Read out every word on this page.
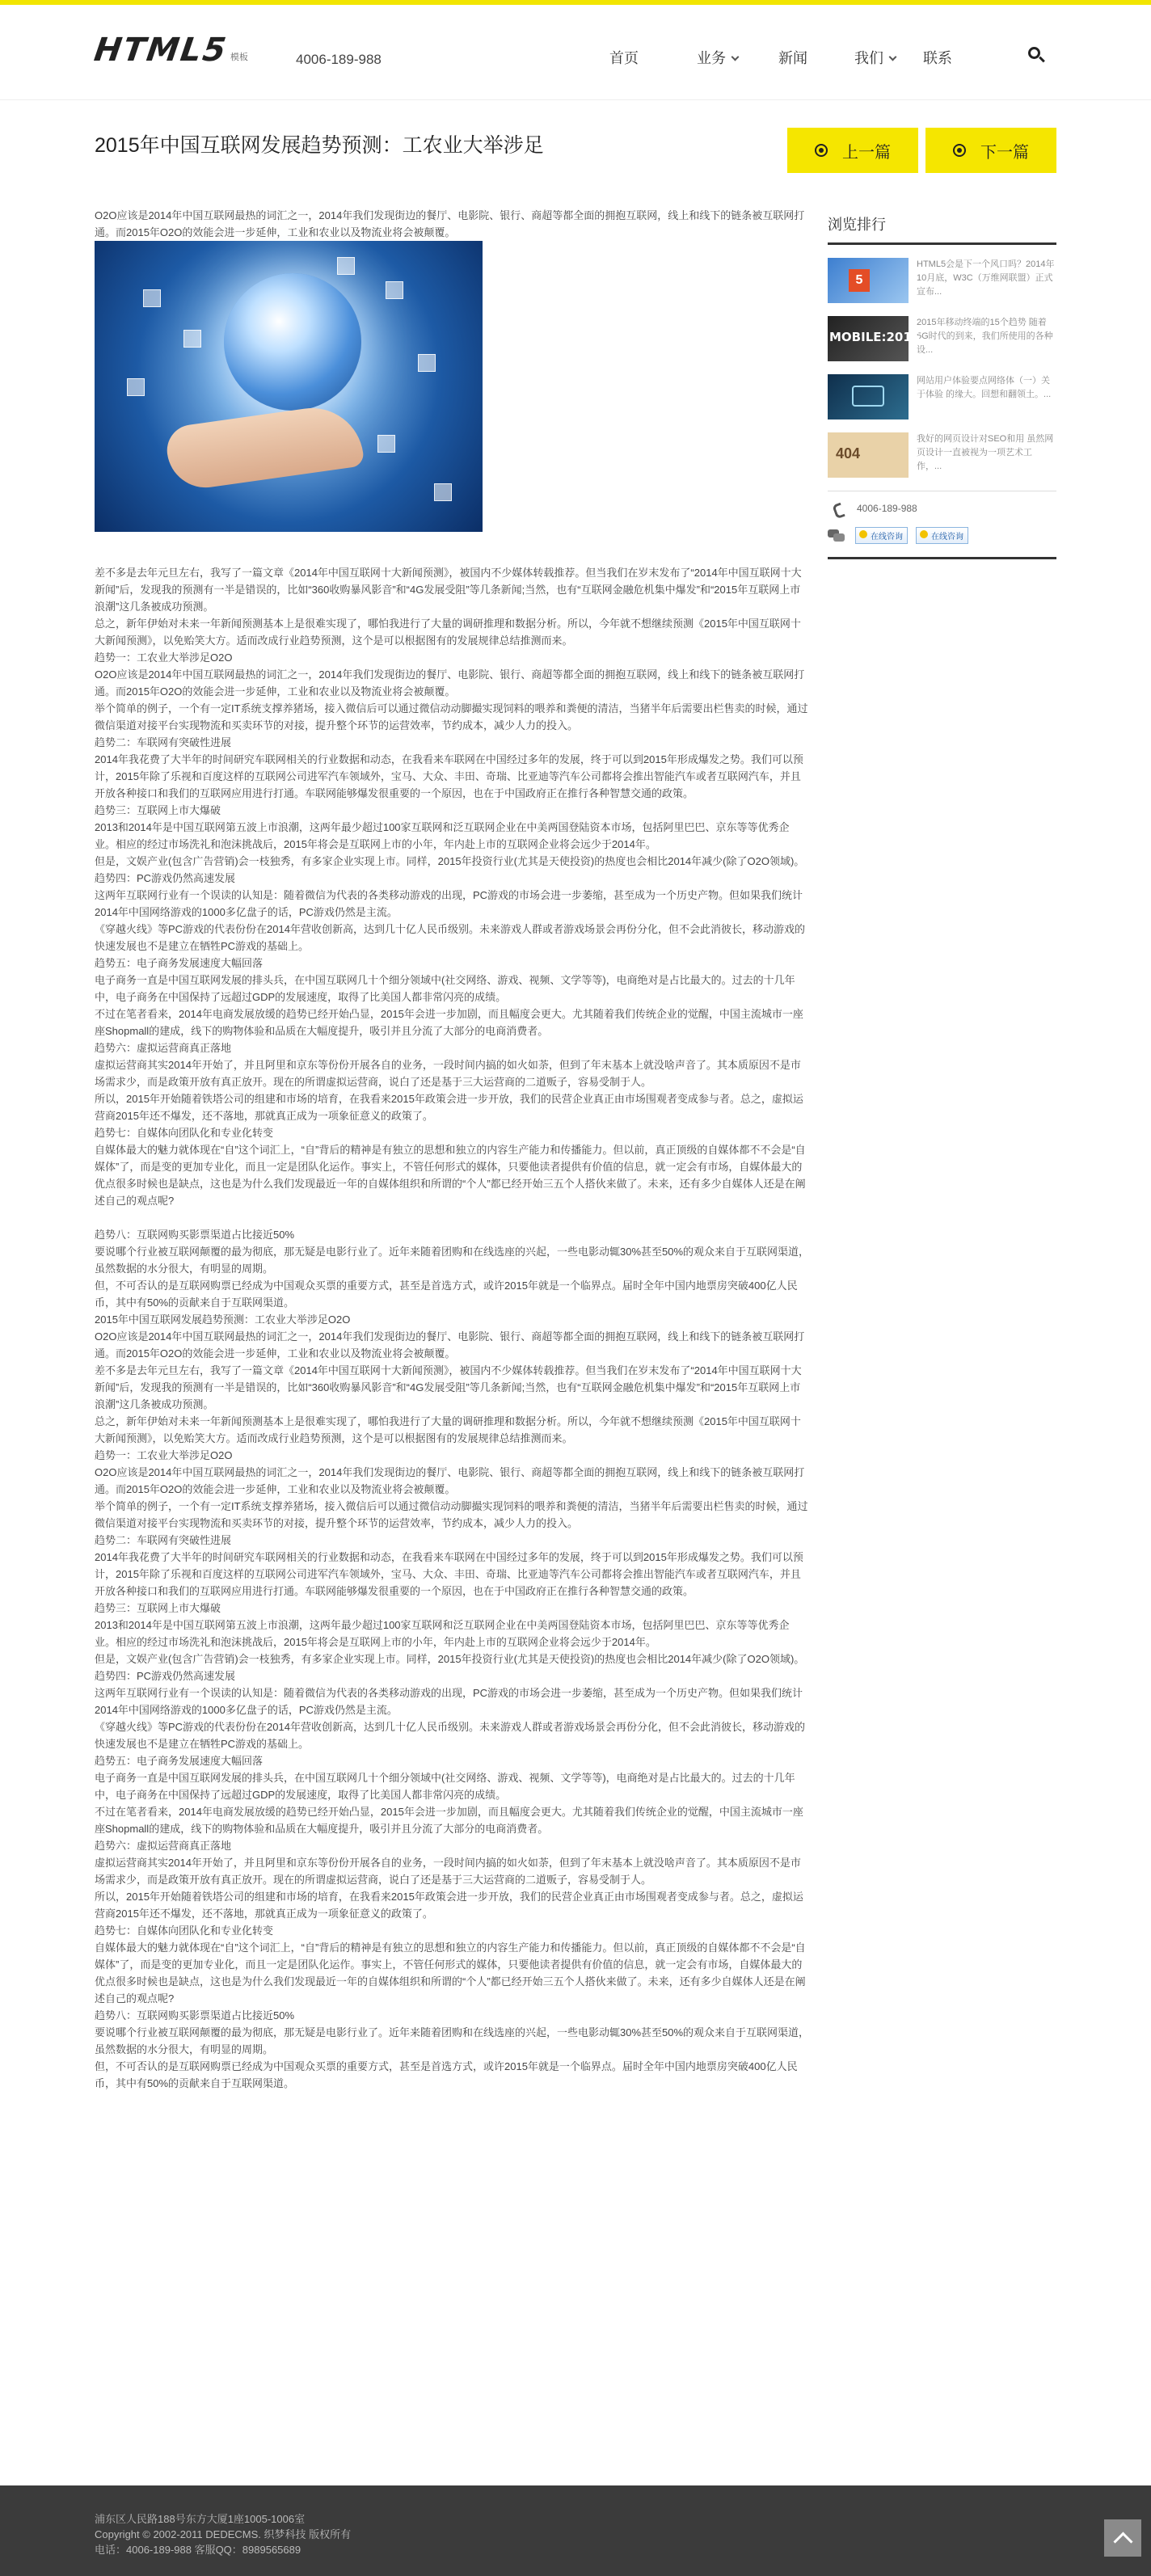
HTML5 模板	4006-189-988	首页	业务	新闻	我们	联系
2015年中国互联网发展趋势预测：工农业大举涉足	上一篇	下一篇

O2O应该是2014年中国互联网最热的词汇之一，2014年我们发现街边的餐厅、电影院、银行、商超等都全面的拥抱互联网，线上和线下的链条被互联网打通。而2015年O2O的效能会进一步延伸，工业和农业以及物流业将会被颠覆。

差不多是去年元旦左右，我写了一篇文章《2014年中国互联网十大新闻预测》，被国内不少媒体转载推荐。但当我们在岁末发布了“2014年中国互联网十大新闻”后，发现我的预测有一半是错误的，比如“360收购暴风影音”和“4G发展受阻”等几条新闻;当然，也有“互联网金融危机集中爆发”和“2015年互联网上市浪潮”这几条被成功预测。

总之，新年伊始对未来一年新闻预测基本上是很难实现了，哪怕我进行了大量的调研推理和数据分析。所以，今年就不想继续预测《2015年中国互联网十大新闻预测》，以免贻笑大方。适而改成行业趋势预测，这个是可以根据图有的发展规律总结推测而来。

趋势一：工农业大举涉足O2O

O2O应该是2014年中国互联网最热的词汇之一，2014年我们发现街边的餐厅、电影院、银行、商超等都全面的拥抱互联网，线上和线下的链条被互联网打通。而2015年O2O的效能会进一步延伸，工业和农业以及物流业将会被颠覆。

举个简单的例子，一个有一定IT系统支撑养猪场，接入微信后可以通过微信动动脚撮实现饲料的喂养和粪便的清洁，当猪半年后需要出栏售卖的时候，通过微信渠道对接平台实现物流和买卖环节的对接，提升整个环节的运营效率，节约成本，减少人力的投入。

趋势二：车联网有突破性进展

2014年我花费了大半年的时间研究车联网相关的行业数据和动态，在我看来车联网在中国经过多年的发展，终于可以到2015年形成爆发之势。我们可以预计，2015年除了乐视和百度这样的互联网公司进军汽车领域外，宝马、大众、丰田、奇瑞、比亚迪等汽车公司都将会推出智能汽车或者互联网汽车，并且开放各种接口和我们的互联网应用进行打通。车联网能够爆发很重要的一个原因，也在于中国政府正在推行各种智慧交通的政策。

趋势三：互联网上市大爆破

2013和2014年是中国互联网第五波上市浪潮，这两年最少超过100家互联网和泛互联网企业在中美两国登陆资本市场，包括阿里巴巴、京东等等优秀企业。相应的经过市场洗礼和泡沫挑战后，2015年将会是互联网上市的小年，年内赴上市的互联网企业将会远少于2014年。

但是，文娱产业(包含广告营销)会一枝独秀，有多家企业实现上市。同样，2015年投资行业(尤其是天使投资)的热度也会相比2014年减少(除了O2O领域)。

趋势四：PC游戏仍然高速发展

这两年互联网行业有一个误读的认知是：随着微信为代表的各类移动游戏的出现，PC游戏的市场会进一步萎缩，甚至成为一个历史产物。但如果我们统计2014年中国网络游戏的1000多亿盘子的话，PC游戏仍然是主流。

《穿越火线》等PC游戏的代表份份在2014年营收创新高，达到几十亿人民币级别。未来游戏人群或者游戏场景会再份分化，但不会此消彼长，移动游戏的快速发展也不是建立在牺牲PC游戏的基础上。

趋势五：电子商务发展速度大幅回落

电子商务一直是中国互联网发展的排头兵，在中国互联网几十个细分领域中(社交网络、游戏、视频、文学等等)，电商绝对是占比最大的。过去的十几年中，电子商务在中国保持了远超过GDP的发展速度，取得了比美国人都非常闪亮的成绩。

不过在笔者看来，2014年电商发展放缓的趋势已经开始凸显，2015年会进一步加剧，而且幅度会更大。尤其随着我们传统企业的觉醒，中国主流城市一座座Shopmall的建成，线下的购物体验和品质在大幅度提升，吸引并且分流了大部分的电商消费者。

趋势六：虚拟运营商真正落地

虚拟运营商其实2014年开始了，并且阿里和京东等份份开展各自的业务，一段时间内搞的如火如荼，但到了年末基本上就没啥声音了。其本质原因不是市场需求少，而是政策开放有真正放开。现在的所谓虚拟运营商，说白了还是基于三大运营商的二道贩子，容易受制于人。

所以，2015年开始随着铁塔公司的组建和市场的培育，在我看来2015年政策会进一步开放，我们的民营企业真正由市场围观者变成参与者。总之，虚拟运营商2015年还不爆发，还不落地，那就真正成为一项象征意义的政策了。

趋势七：自媒体向团队化和专业化转变

自媒体最大的魅力就体现在“自”这个词汇上，“自”背后的精神是有独立的思想和独立的内容生产能力和传播能力。但以前，真正顶级的自媒体都不不会是“自媒体”了，而是变的更加专业化，而且一定是团队化运作。事实上，不管任何形式的媒体，只要他读者提供有价值的信息，就一定会有市场，自媒体最大的优点很多时候也是缺点，这也是为什么我们发现最近一年的自媒体组织和所谓的“个人”都已经开始三五个人搭伙来做了。未来，还有多少自媒体人还是在阐述自己的观点呢?

趋势八：互联网购买影票渠道占比接近50%

要说哪个行业被互联网颠覆的最为彻底，那无疑是电影行业了。近年来随着团购和在线选座的兴起，一些电影动辄30%甚至50%的观众来自于互联网渠道，虽然数据的水分很大，有明显的周期。

但，不可否认的是互联网购票已经成为中国观众买票的重要方式，甚至是首选方式，或许2015年就是一个临界点。届时全年中国内地票房突破400亿人民币，其中有50%的贡献来自于互联网渠道。

2015年中国互联网发展趋势预测：工农业大举涉足O2O

O2O应该是2014年中国互联网最热的词汇之一，2014年我们发现街边的餐厅、电影院、银行、商超等都全面的拥抱互联网，线上和线下的链条被互联网打通。而2015年O2O的效能会进一步延伸，工业和农业以及物流业将会被颠覆。

差不多是去年元旦左右，我写了一篇文章《2014年中国互联网十大新闻预测》，被国内不少媒体转载推荐。但当我们在岁末发布了“2014年中国互联网十大新闻”后，发现我的预测有一半是错误的，比如“360收购暴风影音”和“4G发展受阻”等几条新闻;当然，也有“互联网金融危机集中爆发”和“2015年互联网上市浪潮”这几条被成功预测。

总之，新年伊始对未来一年新闻预测基本上是很难实现了，哪怕我进行了大量的调研推理和数据分析。所以，今年就不想继续预测《2015年中国互联网十大新闻预测》，以免贻笑大方。适而改成行业趋势预测，这个是可以根据图有的发展规律总结推测而来。

趋势一：工农业大举涉足O2O

O2O应该是2014年中国互联网最热的词汇之一，2014年我们发现街边的餐厅、电影院、银行、商超等都全面的拥抱互联网，线上和线下的链条被互联网打通。而2015年O2O的效能会进一步延伸，工业和农业以及物流业将会被颠覆。

举个简单的例子，一个有一定IT系统支撑养猪场，接入微信后可以通过微信动动脚撮实现饲料的喂养和粪便的清洁，当猪半年后需要出栏售卖的时候，通过微信渠道对接平台实现物流和买卖环节的对接，提升整个环节的运营效率，节约成本，减少人力的投入。

趋势二：车联网有突破性进展

2014年我花费了大半年的时间研究车联网相关的行业数据和动态，在我看来车联网在中国经过多年的发展，终于可以到2015年形成爆发之势。我们可以预计，2015年除了乐视和百度这样的互联网公司进军汽车领域外，宝马、大众、丰田、奇瑞、比亚迪等汽车公司都将会推出智能汽车或者互联网汽车，并且开放各种接口和我们的互联网应用进行打通。车联网能够爆发很重要的一个原因，也在于中国政府正在推行各种智慧交通的政策。

趋势三：互联网上市大爆破

2013和2014年是中国互联网第五波上市浪潮，这两年最少超过100家互联网和泛互联网企业在中美两国登陆资本市场，包括阿里巴巴、京东等等优秀企业。相应的经过市场洗礼和泡沫挑战后，2015年将会是互联网上市的小年，年内赴上市的互联网企业将会远少于2014年。

但是，文娱产业(包含广告营销)会一枝独秀，有多家企业实现上市。同样，2015年投资行业(尤其是天使投资)的热度也会相比2014年减少(除了O2O领域)。

趋势四：PC游戏仍然高速发展

这两年互联网行业有一个误读的认知是：随着微信为代表的各类移动游戏的出现，PC游戏的市场会进一步萎缩，甚至成为一个历史产物。但如果我们统计2014年中国网络游戏的1000多亿盘子的话，PC游戏仍然是主流。

《穿越火线》等PC游戏的代表份份在2014年营收创新高，达到几十亿人民币级别。未来游戏人群或者游戏场景会再份分化，但不会此消彼长，移动游戏的快速发展也不是建立在牺牲PC游戏的基础上。

趋势五：电子商务发展速度大幅回落

电子商务一直是中国互联网发展的排头兵，在中国互联网几十个细分领域中(社交网络、游戏、视频、文学等等)，电商绝对是占比最大的。过去的十几年中，电子商务在中国保持了远超过GDP的发展速度，取得了比美国人都非常闪亮的成绩。

不过在笔者看来，2014年电商发展放缓的趋势已经开始凸显，2015年会进一步加剧，而且幅度会更大。尤其随着我们传统企业的觉醒，中国主流城市一座座Shopmall的建成，线下的购物体验和品质在大幅度提升，吸引并且分流了大部分的电商消费者。

趋势六：虚拟运营商真正落地

虚拟运营商其实2014年开始了，并且阿里和京东等份份开展各自的业务，一段时间内搞的如火如荼，但到了年末基本上就没啥声音了。其本质原因不是市场需求少，而是政策开放有真正放开。现在的所谓虚拟运营商，说白了还是基于三大运营商的二道贩子，容易受制于人。

所以，2015年开始随着铁塔公司的组建和市场的培育，在我看来2015年政策会进一步开放，我们的民营企业真正由市场围观者变成参与者。总之，虚拟运营商2015年还不爆发，还不落地，那就真正成为一项象征意义的政策了。

趋势七：自媒体向团队化和专业化转变

自媒体最大的魅力就体现在“自”这个词汇上，“自”背后的精神是有独立的思想和独立的内容生产能力和传播能力。但以前，真正顶级的自媒体都不不会是“自媒体”了，而是变的更加专业化，而且一定是团队化运作。事实上，不管任何形式的媒体，只要他读者提供有价值的信息，就一定会有市场，自媒体最大的优点很多时候也是缺点，这也是为什么我们发现最近一年的自媒体组织和所谓的“个人”都已经开始三五个人搭伙来做了。未来，还有多少自媒体人还是在阐述自己的观点呢?

趋势八：互联网购买影票渠道占比接近50%

要说哪个行业被互联网颠覆的最为彻底，那无疑是电影行业了。近年来随着团购和在线选座的兴起，一些电影动辄30%甚至50%的观众来自于互联网渠道，虽然数据的水分很大，有明显的周期。

但，不可否认的是互联网购票已经成为中国观众买票的重要方式，甚至是首选方式，或许2015年就是一个临界点。届时全年中国内地票房突破400亿人民币，其中有50%的贡献来自于互联网渠道。

浏览排行
5
HTML5会是下一个风口吗？2014年10月底，W3C（万维网联盟）正式宣布...
MOBILE:2015
2015年移动终端的15个趋势 随着5G时代的到来，我们所使用的各种设...
网站用户体验要点网络体（一）关于体验 的缘大。回想和翻领土。...
404
我好的网页设计对SEO和用 虽然网页设计一直被视为一项艺术工作，...
4006-189-988
在线咨询	在线咨询
浦东区人民路188号东方大厦1座1005-1006室
Copyright © 2002-2011 DEDECMS. 织梦科技 版权所有
电话：4006-189-988 客服QQ：8989565689
